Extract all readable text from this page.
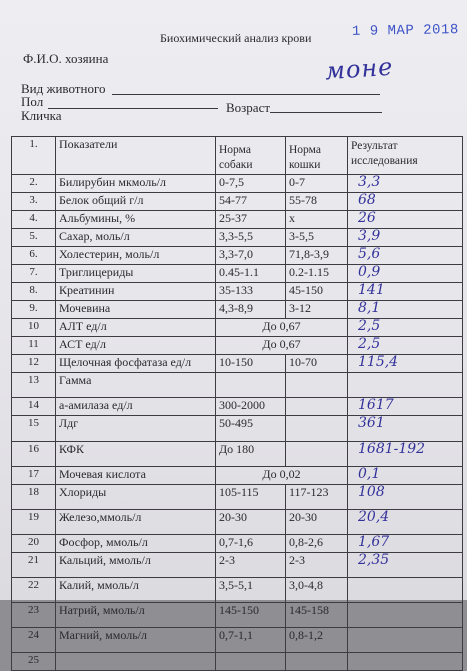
Биохимический анализ крови	1 9 MAP 2018
Ф.И.О. хозяина	моне
Вид животного
Пол	Возраст
Кличка
1.	Показатели	Норма собаки	Норма кошки	Результат исследования
2.	Билирубин мкмоль/л	0-7,5	0-7	3,3
3.	Белок общий г/л	54-77	55-78	68
4.	Альбумины, %	25-37	x	26
5.	Сахар, моль/л	3,3-5,5	3-5,5	3,9
6.	Холестерин, моль/л	3,3-7,0	71,8-3,9	5,6
7.	Триглицериды	0.45-1.1	0.2-1.15	0,9
8.	Креатинин	35-133	45-150	141
9.	Мочевина	4,3-8,9	3-12	8,1
10	АЛТ ед/л	До 0,67		2,5
11	АСТ ед/л	До 0,67		2,5
12	Щелочная фосфатаза ед/л	10-150	10-70	115,4
13	Гамма			
14	а-амилаза ед/л	300-2000		1617
15	Лдг	50-495		361
16	КФК	До 180		1681-192
17	Мочевая кислота	До 0,02		0,1
18	Хлориды	105-115	117-123	108
19	Железо,ммоль/л	20-30	20-30	20,4
20	Фосфор, ммоль/л	0,7-1,6	0,8-2,6	1,67
21	Кальций, ммоль/л	2-3	2-3	2,35
22	Калий, ммоль/л	3,5-5,1	3,0-4,8	
23	Натрий, ммоль/л	145-150	145-158	
24	Магний, ммоль/л	0,7-1,1	0,8-1,2	
25				
